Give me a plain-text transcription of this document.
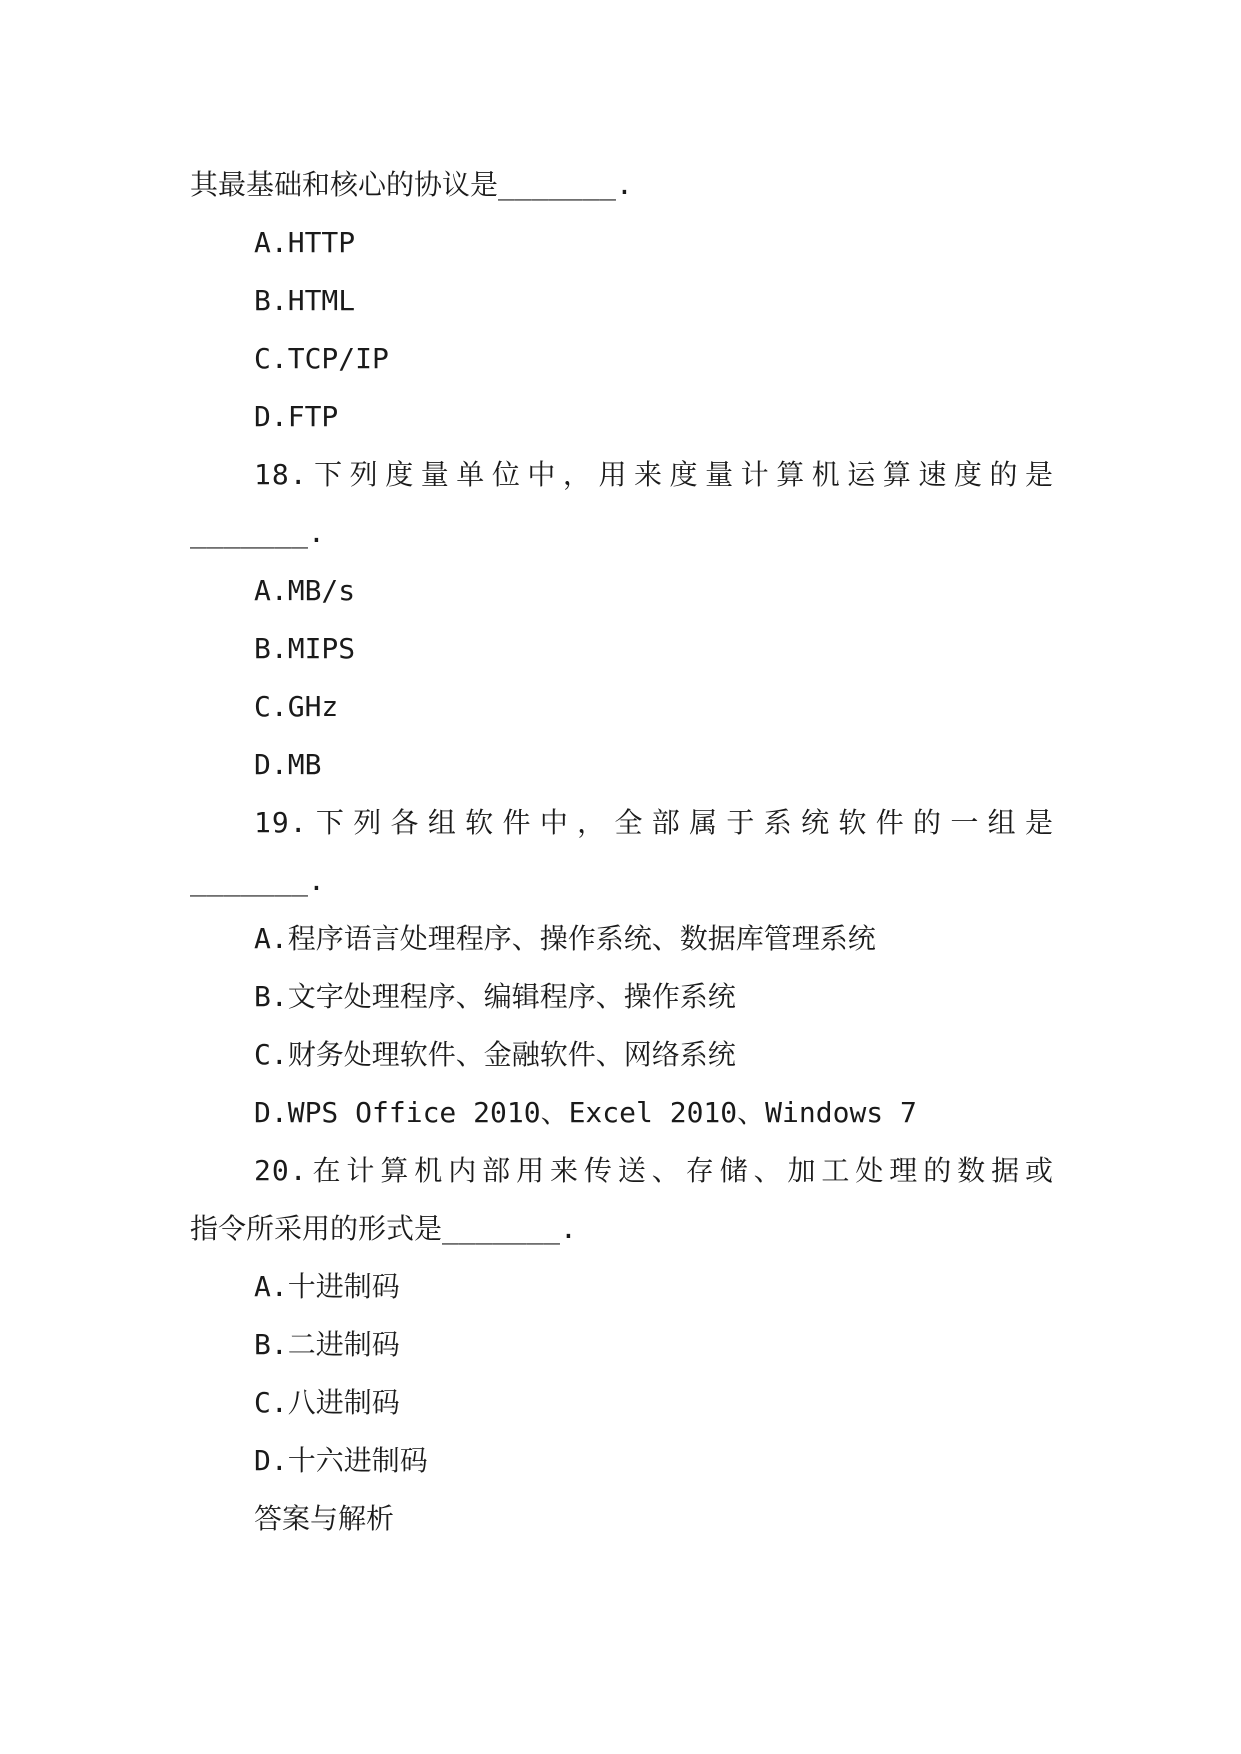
其最基础和核心的协议是_______.
A.HTTP
B.HTML
C.TCP/IP
D.FTP
18.下列度量单位中，用来度量计算机运算速度的是
_______.
A.MB/s
B.MIPS
C.GHz
D.MB
19.下列各组软件中，全部属于系统软件的一组是
_______.
A.程序语言处理程序、操作系统、数据库管理系统
B.文字处理程序、编辑程序、操作系统
C.财务处理软件、金融软件、网络系统
D.WPS Office 2010、Excel 2010、Windows 7
20.在计算机内部用来传送、存储、加工处理的数据或
指令所采用的形式是_______.
A.十进制码
B.二进制码
C.八进制码
D.十六进制码
答案与解析
